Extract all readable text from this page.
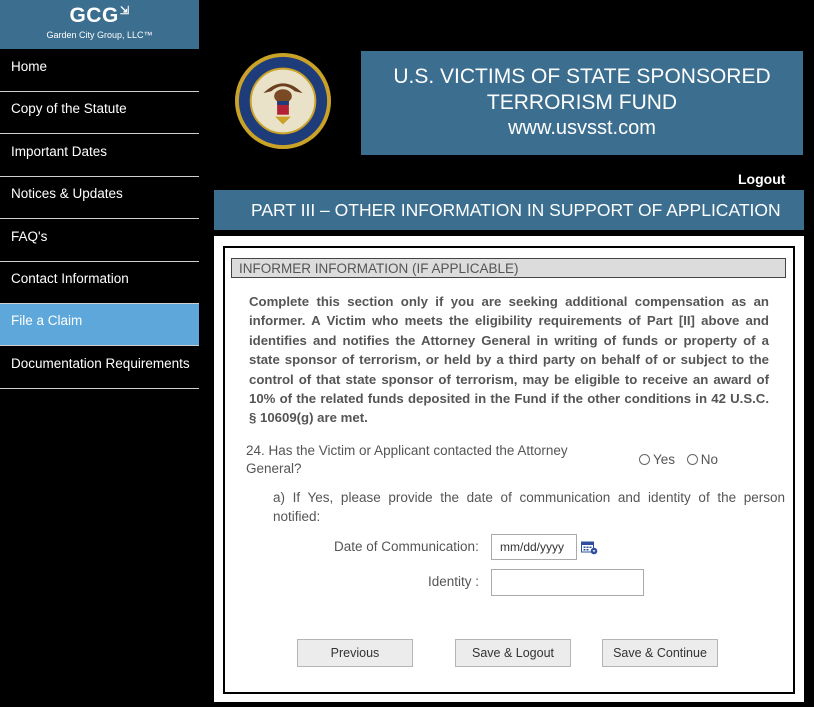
GCG⇲
Garden City Group, LLC™
Home
Copy of the Statute
Important Dates
Notices & Updates
FAQ's
Contact Information
File a Claim
Documentation Requirements
U.S. VICTIMS OF STATE SPONSORED
TERRORISM FUND
www.usvsst.com
Logout
PART III – OTHER INFORMATION IN SUPPORT OF APPLICATION
INFORMER INFORMATION (IF APPLICABLE)
Complete this section only if you are seeking additional compensation as an informer. A Victim who meets the eligibility requirements of Part [II] above and identifies and notifies the Attorney General in writing of funds or property of a state sponsor of terrorism, or held by a third party on behalf of or subject to the control of that state sponsor of terrorism, may be eligible to receive an award of 10% of the related funds deposited in the Fund if the other conditions in 42 U.S.C. § 10609(g) are met.
24. Has the Victim or Applicant contacted the Attorney General?
Yes No
a) If Yes, please provide the date of communication and identity of the person notified:
Date of Communication:
mm/dd/yyyy
Identity :
Previous	Save & Logout	Save & Continue
